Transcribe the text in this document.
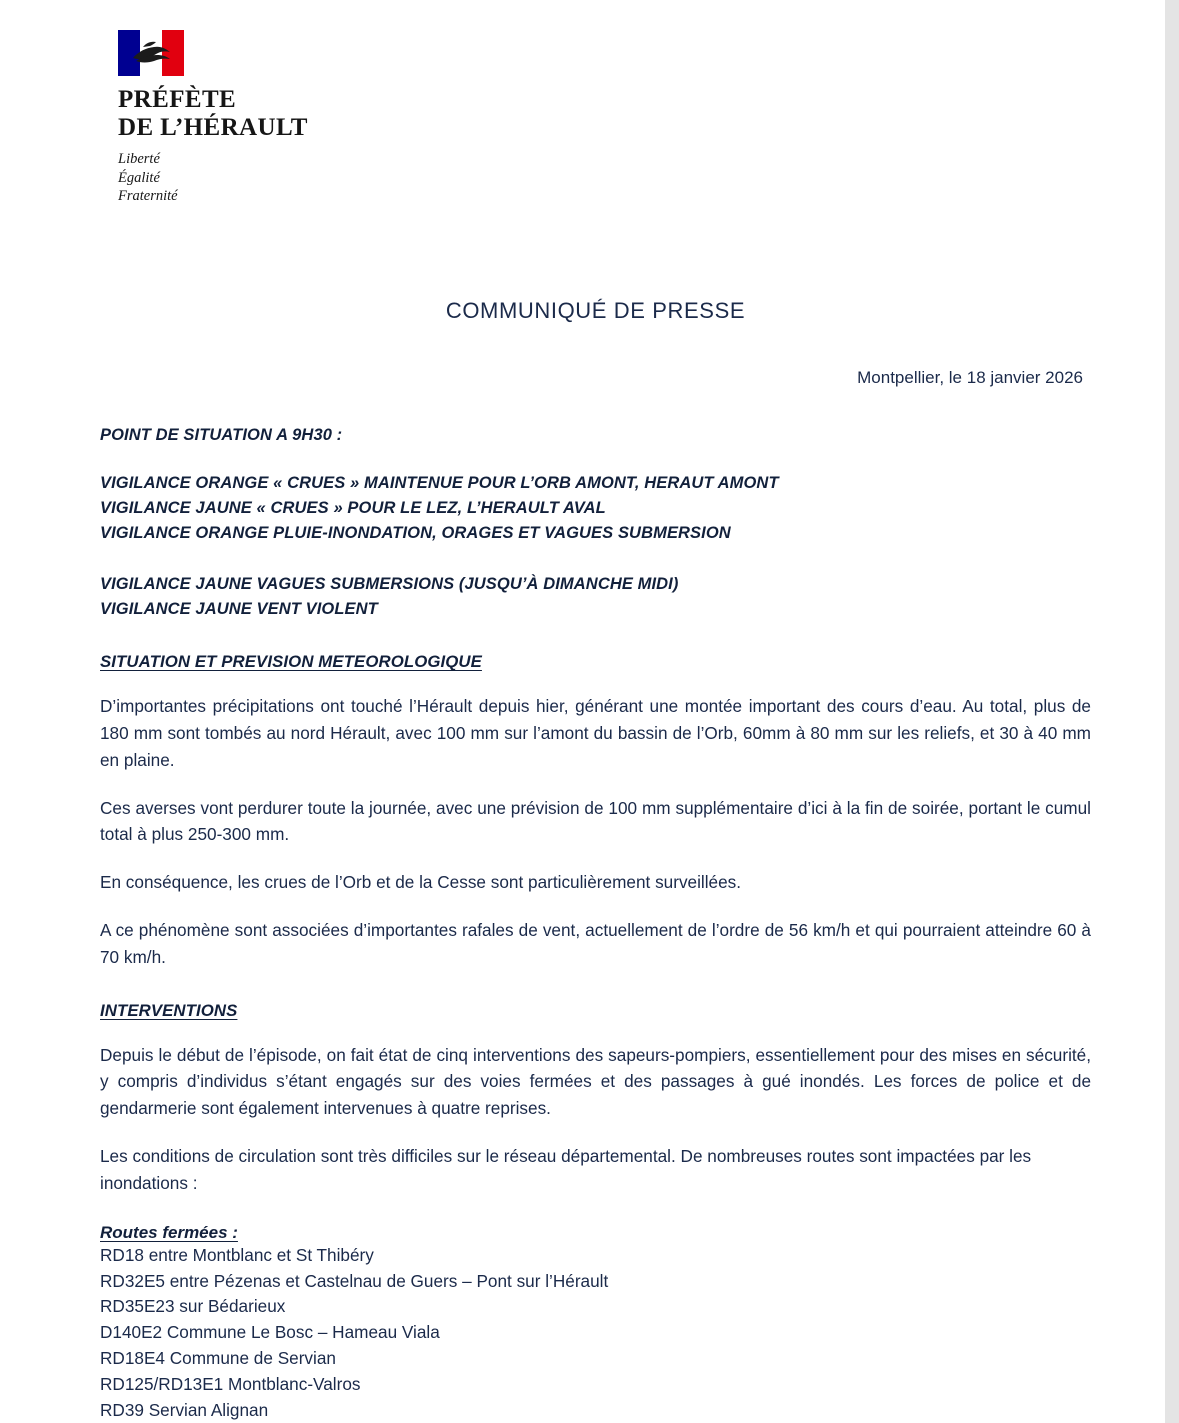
PRÉFÈTE
DE L’HÉRAULT
Liberté
Égalité
Fraternité
COMMUNIQUÉ DE PRESSE
Montpellier, le 18 janvier 2026
POINT DE SITUATION A 9H30 :

VIGILANCE ORANGE « CRUES » MAINTENUE POUR L’ORB AMONT, HERAUT AMONT

VIGILANCE JAUNE « CRUES » POUR LE LEZ, L’HERAULT AVAL

VIGILANCE ORANGE PLUIE-INONDATION, ORAGES ET VAGUES SUBMERSION

VIGILANCE JAUNE VAGUES SUBMERSIONS (JUSQU’À DIMANCHE MIDI)

VIGILANCE JAUNE VENT VIOLENT

SITUATION ET PREVISION METEOROLOGIQUE
D’importantes précipitations ont touché l’Hérault depuis hier, générant une montée important des cours d’eau. Au total, plus de 180 mm sont tombés au nord Hérault, avec 100 mm sur l’amont du bassin de l’Orb, 60mm à 80 mm sur les reliefs, et 30 à 40 mm en plaine.
Ces averses vont perdurer toute la journée, avec une prévision de 100 mm supplémentaire d’ici à la fin de soirée, portant le cumul total à plus 250-300 mm.
En conséquence, les crues de l’Orb et de la Cesse sont particulièrement surveillées.
A ce phénomène sont associées d’importantes rafales de vent, actuellement de l’ordre de 56 km/h et qui pourraient atteindre 60 à 70 km/h.
INTERVENTIONS
Depuis le début de l’épisode, on fait état de cinq interventions des sapeurs-pompiers, essentiellement pour des mises en sécurité, y compris d’individus s’étant engagés sur des voies fermées et des passages à gué inondés. Les forces de police et de gendarmerie sont également intervenues à quatre reprises.
Les conditions de circulation sont très difficiles sur le réseau départemental. De nombreuses routes sont impactées par les inondations :
Routes fermées :
RD18 entre Montblanc et St Thibéry
RD32E5 entre Pézenas et Castelnau de Guers – Pont sur l’Hérault
RD35E23 sur Bédarieux
D140E2 Commune Le Bosc – Hameau Viala
RD18E4 Commune de Servian
RD125/RD13E1 Montblanc-Valros
RD39 Servian Alignan
